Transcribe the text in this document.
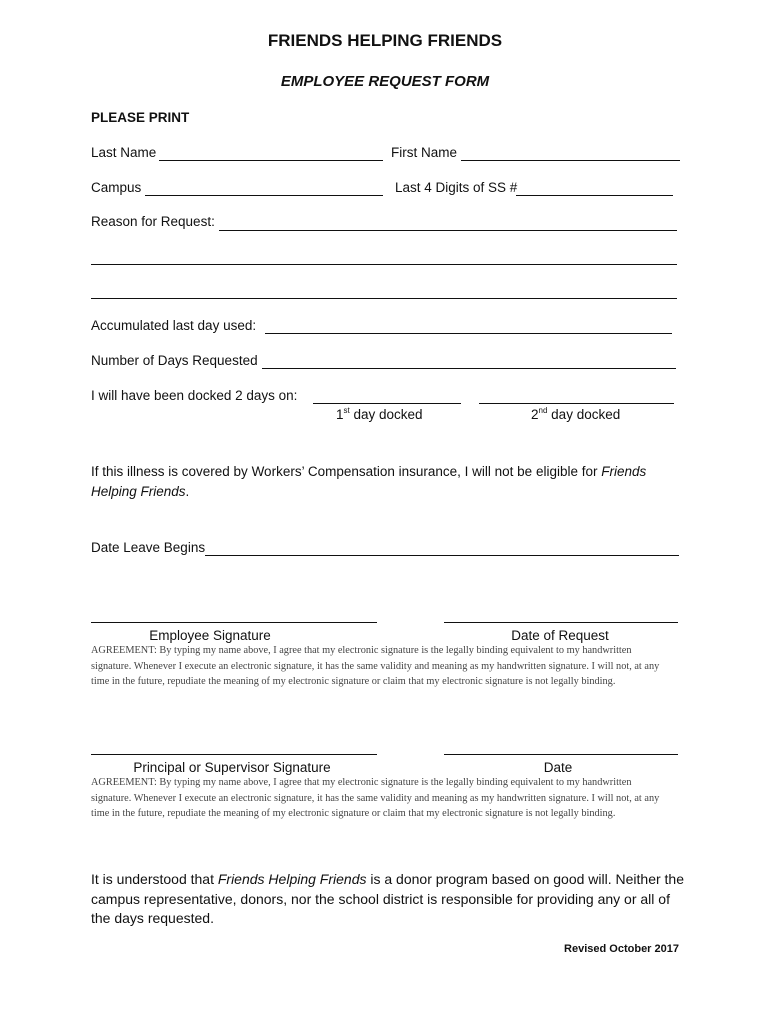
FRIENDS HELPING FRIENDS
EMPLOYEE REQUEST FORM
PLEASE PRINT
Last Name	First Name
Campus	Last 4 Digits of SS #
Reason for Request:
Accumulated last day used:
Number of Days Requested
I will have been docked 2 days on:
1st day docked	2nd day docked
If this illness is covered by Workers’ Compensation insurance, I will not be eligible for Friends Helping Friends.
Date Leave Begins
Employee Signature	Date of Request
AGREEMENT: By typing my name above, I agree that my electronic signature is the legally binding equivalent to my handwritten signature. Whenever I execute an electronic signature, it has the same validity and meaning as my handwritten signature. I will not, at any time in the future, repudiate the meaning of my electronic signature or claim that my electronic signature is not legally binding.
Principal or Supervisor Signature	Date
AGREEMENT: By typing my name above, I agree that my electronic signature is the legally binding equivalent to my handwritten signature. Whenever I execute an electronic signature, it has the same validity and meaning as my handwritten signature. I will not, at any time in the future, repudiate the meaning of my electronic signature or claim that my electronic signature is not legally binding.
It is understood that Friends Helping Friends is a donor program based on good will. Neither the campus representative, donors, nor the school district is responsible for providing any or all of the days requested.
Revised October 2017
